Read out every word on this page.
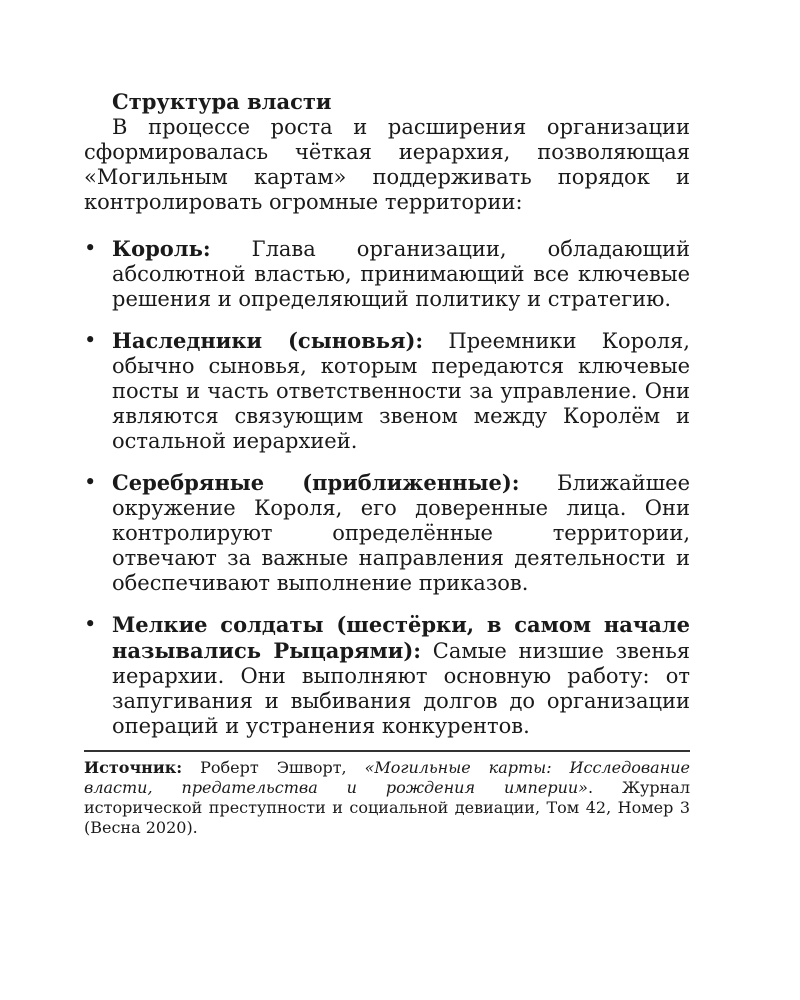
Структура власти

В процессе роста и расширения организации сформировалась чёткая иерархия, позволяющая «Могильным картам» поддерживать порядок и контролировать огромные территории:

• Король: Глава организации, обладающий абсолютной властью, принимающий все ключевые решения и определяющий политику и стратегию.
• Наследники (сыновья): Преемники Короля, обычно сыновья, которым передаются ключевые посты и часть ответственности за управление. Они являются связующим звеном между Королём и остальной иерархией.
• Серебряные (приближенные): Ближайшее окружение Короля, его доверенные лица. Они контролируют определённые территории, отвечают за важные направления деятельности и обеспечивают выполнение приказов.
• Мелкие солдаты (шестёрки, в самом начале назывались Рыцарями): Самые низшие звенья иерархии. Они выполняют основную работу: от запугивания и выбивания долгов до организации операций и устранения конкурентов.

Источник: Роберт Эшворт, «Могильные карты: Исследование власти, предательства и рождения империи». Журнал исторической преступности и социальной девиации, Том 42, Номер 3 (Весна 2020).
